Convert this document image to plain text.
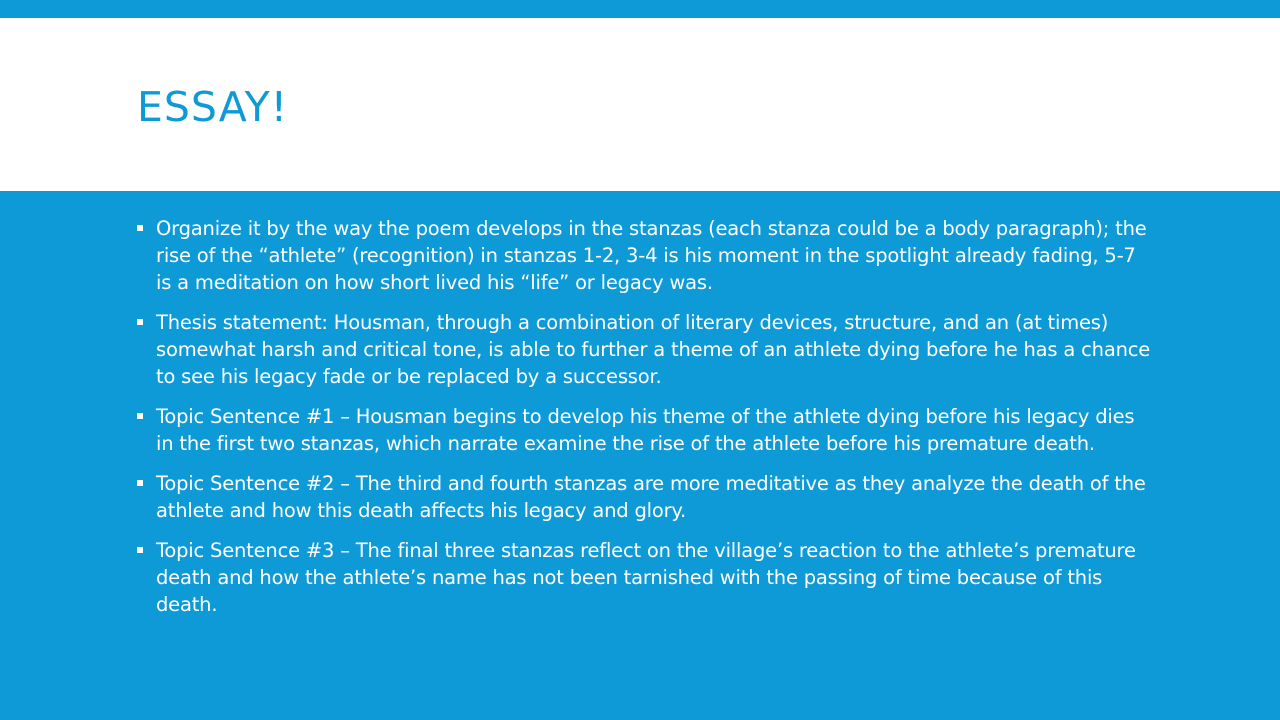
ESSAY!
Organize it by the way the poem develops in the stanzas (each stanza could be a body paragraph); the rise of the “athlete” (recognition) in stanzas 1-2, 3-4 is his moment in the spotlight already fading, 5-7 is a meditation on how short lived his “life” or legacy was.
Thesis statement: Housman, through a combination of literary devices, structure, and an (at times) somewhat harsh and critical tone, is able to further a theme of an athlete dying before he has a chance to see his legacy fade or be replaced by a successor.
Topic Sentence #1 – Housman begins to develop his theme of the athlete dying before his legacy dies in the first two stanzas, which narrate examine the rise of the athlete before his premature death.
Topic Sentence #2 – The third and fourth stanzas are more meditative as they analyze the death of the athlete and how this death affects his legacy and glory.
Topic Sentence #3 – The final three stanzas reflect on the village’s reaction to the athlete’s premature death and how the athlete’s name has not been tarnished with the passing of time because of this death.
